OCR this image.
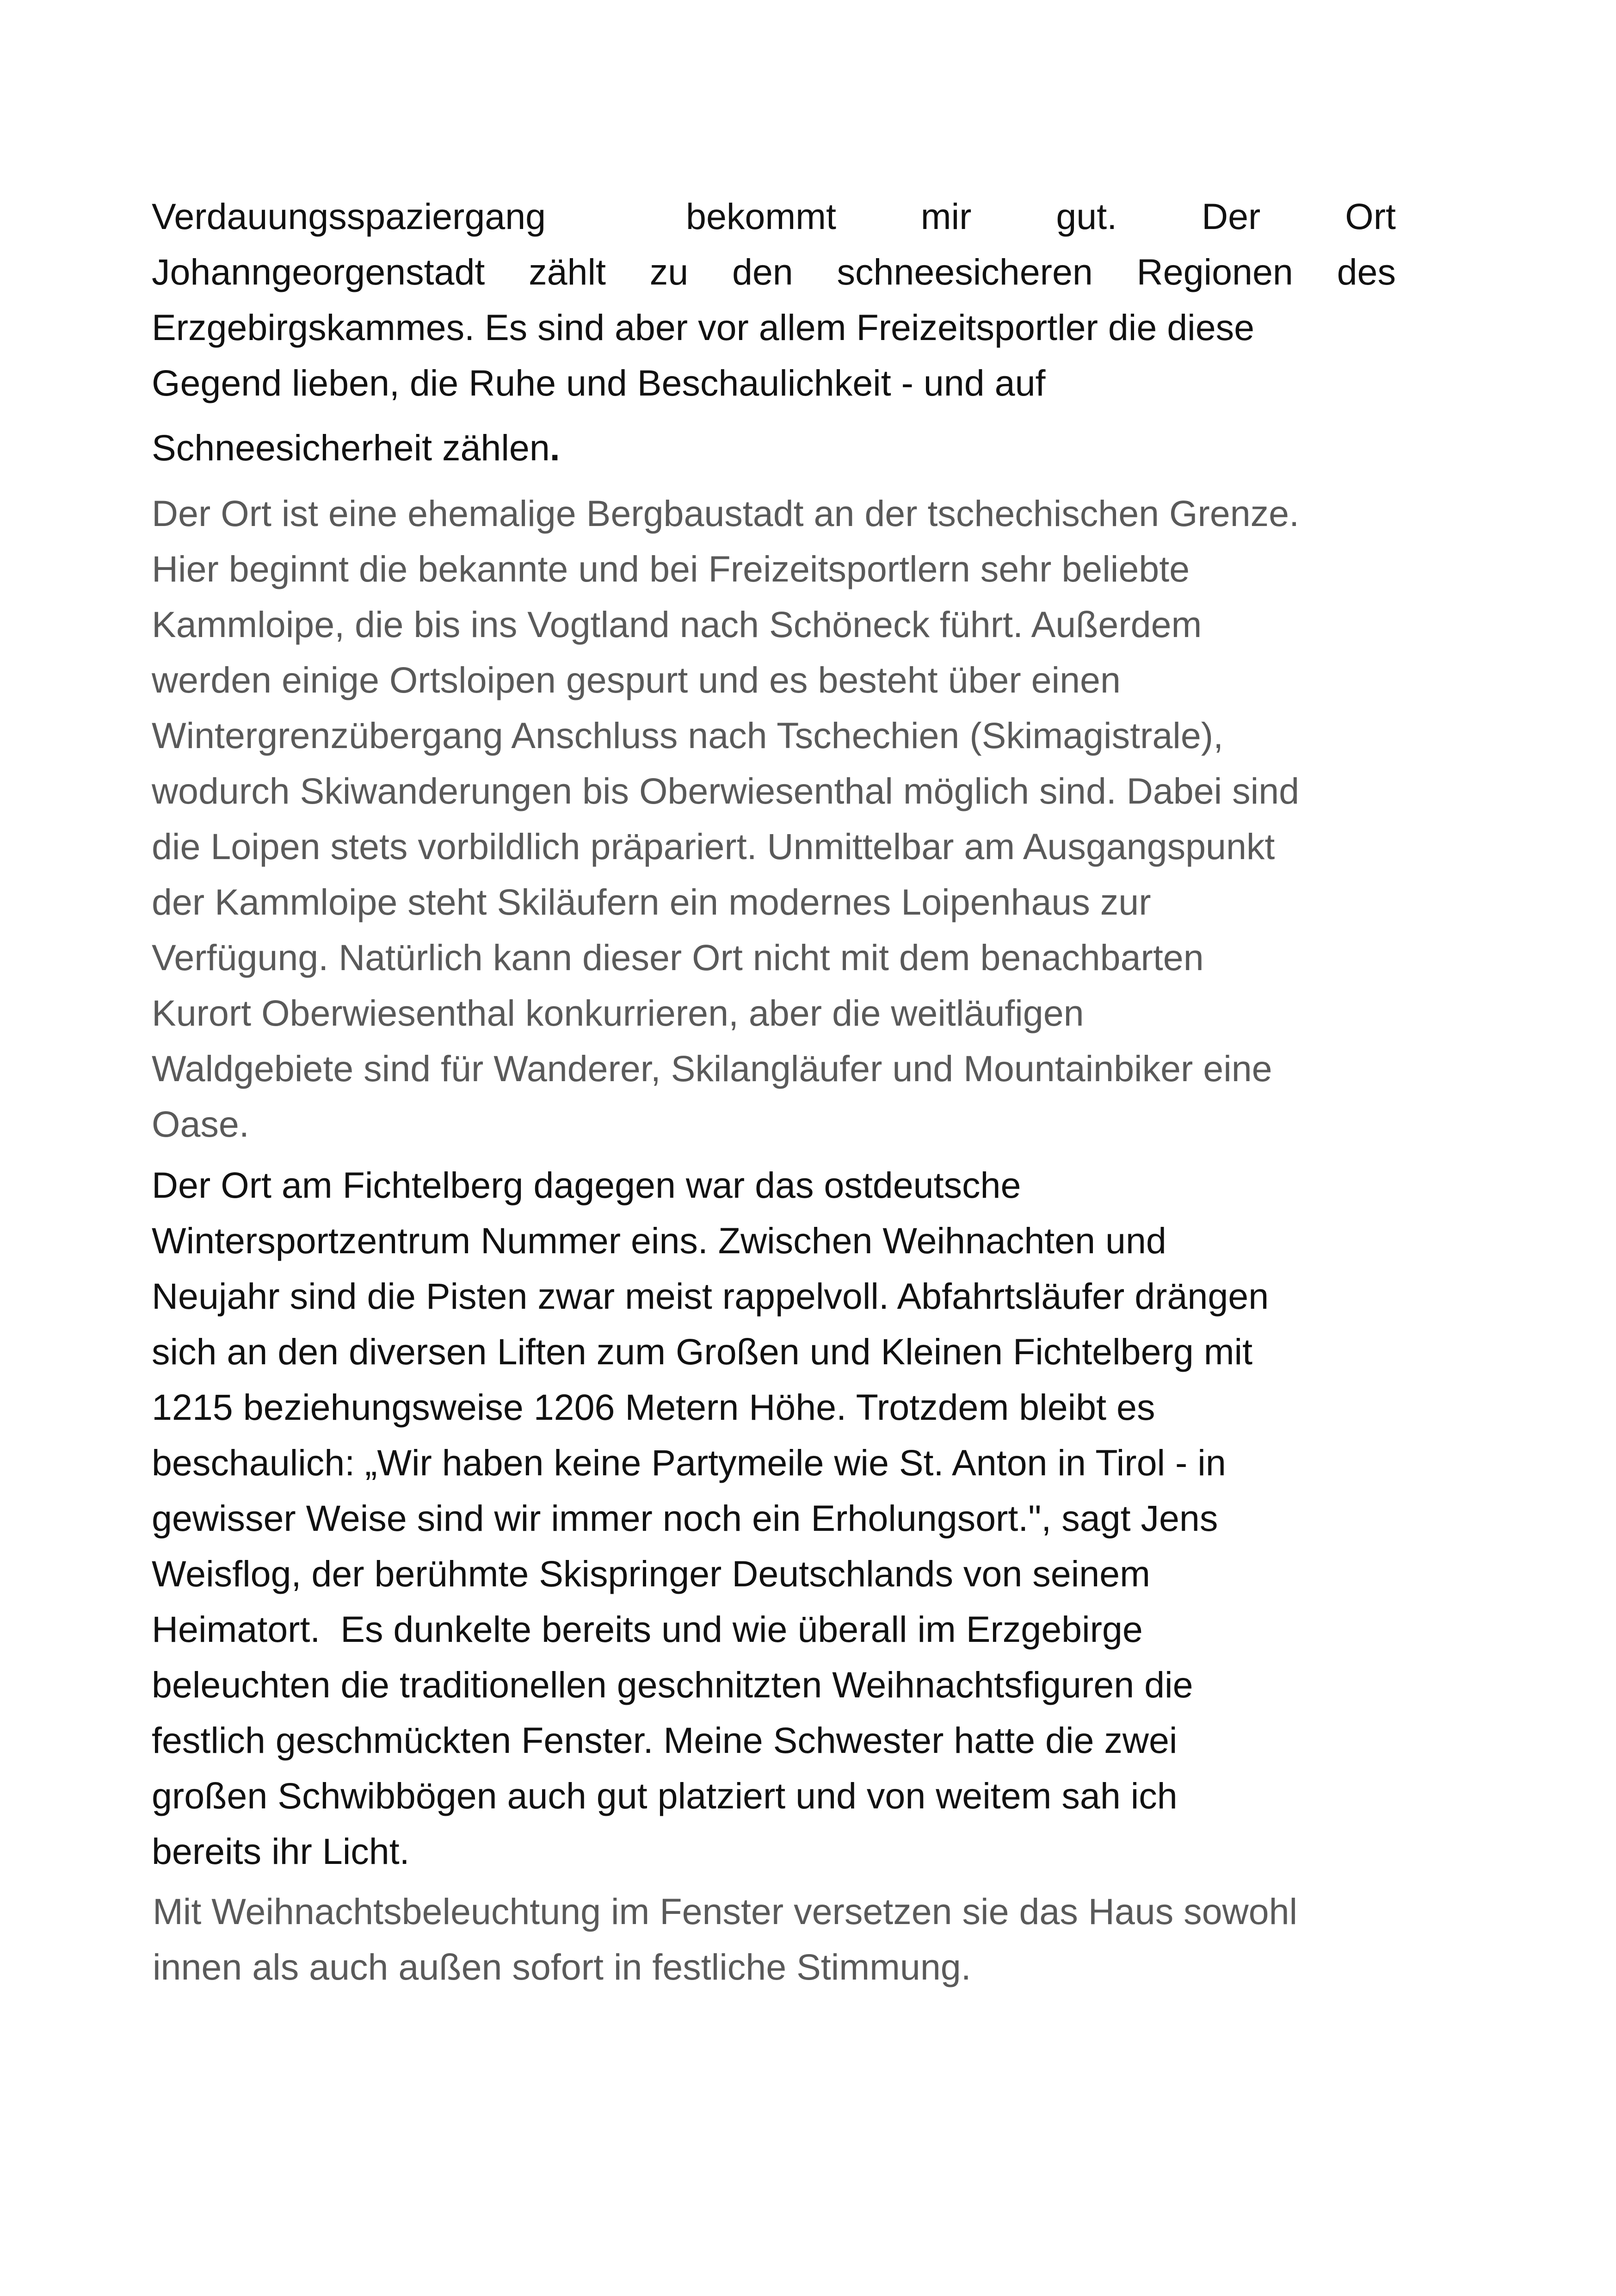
Verdauungsspaziergang	bekommt mir gut. Der Ort
Johanngeorgenstadt zählt zu den schneesicheren Regionen des
Erzgebirgskammes. Es sind aber vor allem Freizeitsportler die diese
Gegend lieben, die Ruhe und Beschaulichkeit - und auf
Schneesicherheit zählen.
Der Ort ist eine ehemalige Bergbaustadt an der tschechischen Grenze.
Hier beginnt die bekannte und bei Freizeitsportlern sehr beliebte
Kammloipe, die bis ins Vogtland nach Schöneck führt. Außerdem
werden einige Ortsloipen gespurt und es besteht über einen
Wintergrenzübergang Anschluss nach Tschechien (Skimagistrale),
wodurch Skiwanderungen bis Oberwiesenthal möglich sind. Dabei sind
die Loipen stets vorbildlich präpariert. Unmittelbar am Ausgangspunkt
der Kammloipe steht Skiläufern ein modernes Loipenhaus zur
Verfügung. Natürlich kann dieser Ort nicht mit dem benachbarten
Kurort Oberwiesenthal konkurrieren, aber die weitläufigen
Waldgebiete sind für Wanderer, Skilangläufer und Mountainbiker eine
Oase.
Der Ort am Fichtelberg dagegen war das ostdeutsche
Wintersportzentrum Nummer eins. Zwischen Weihnachten und
Neujahr sind die Pisten zwar meist rappelvoll. Abfahrtsläufer drängen
sich an den diversen Liften zum Großen und Kleinen Fichtelberg mit
1215 beziehungsweise 1206 Metern Höhe. Trotzdem bleibt es
beschaulich: „Wir haben keine Partymeile wie St. Anton in Tirol - in
gewisser Weise sind wir immer noch ein Erholungsort.", sagt Jens
Weisflog, der berühmte Skispringer Deutschlands von seinem
Heimatort.  Es dunkelte bereits und wie überall im Erzgebirge
beleuchten die traditionellen geschnitzten Weihnachtsfiguren die
festlich geschmückten Fenster. Meine Schwester hatte die zwei
großen Schwibbögen auch gut platziert und von weitem sah ich
bereits ihr Licht.
Mit Weihnachtsbeleuchtung im Fenster versetzen sie das Haus sowohl
innen als auch außen sofort in festliche Stimmung.
